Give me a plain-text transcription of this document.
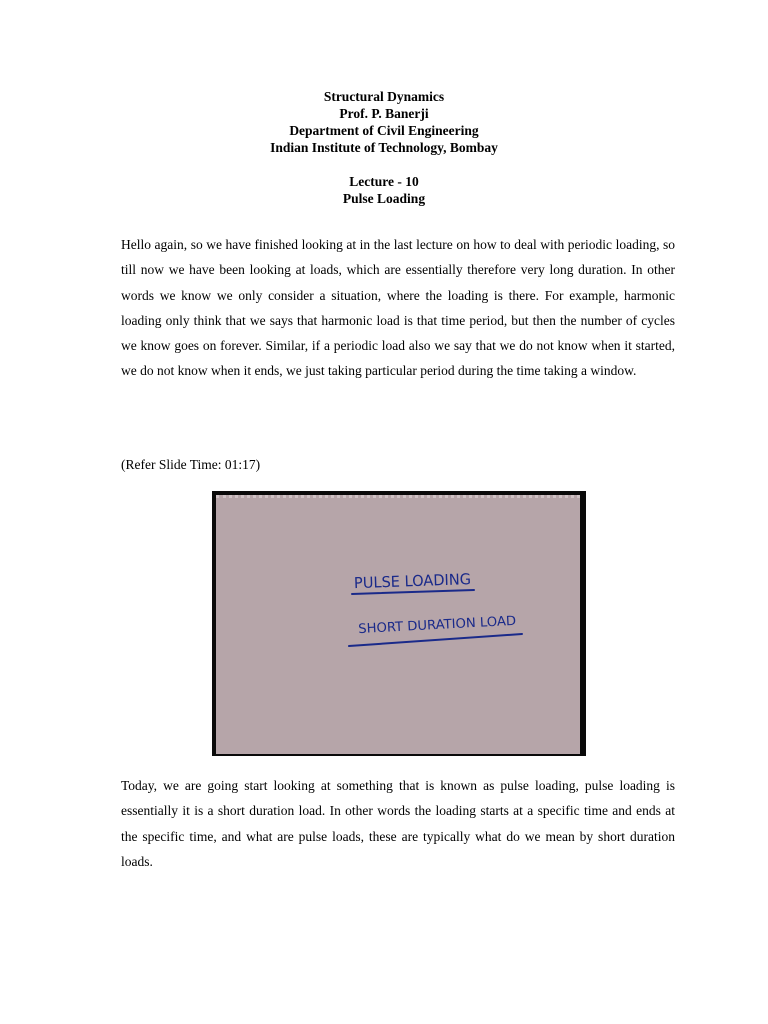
Structural Dynamics
Prof. P. Banerji
Department of Civil Engineering
Indian Institute of Technology, Bombay
Lecture - 10
Pulse Loading

Hello again, so we have finished looking at in the last lecture on how to deal with periodic loading, so till now we have been looking at loads, which are essentially therefore very long duration. In other words we know we only consider a situation, where the loading is there. For example, harmonic loading only think that we says that harmonic load is that time period, but then the number of cycles we know goes on forever. Similar, if a periodic load also we say that we do not know when it started, we do not know when it ends, we just taking particular period during the time taking a window.

(Refer Slide Time: 01:17)

PULSE LOADING
SHORT DURATION LOAD

Today, we are going start looking at something that is known as pulse loading, pulse loading is essentially it is a short duration load. In other words the loading starts at a specific time and ends at the specific time, and what are pulse loads, these are typically what do we mean by short duration loads.
